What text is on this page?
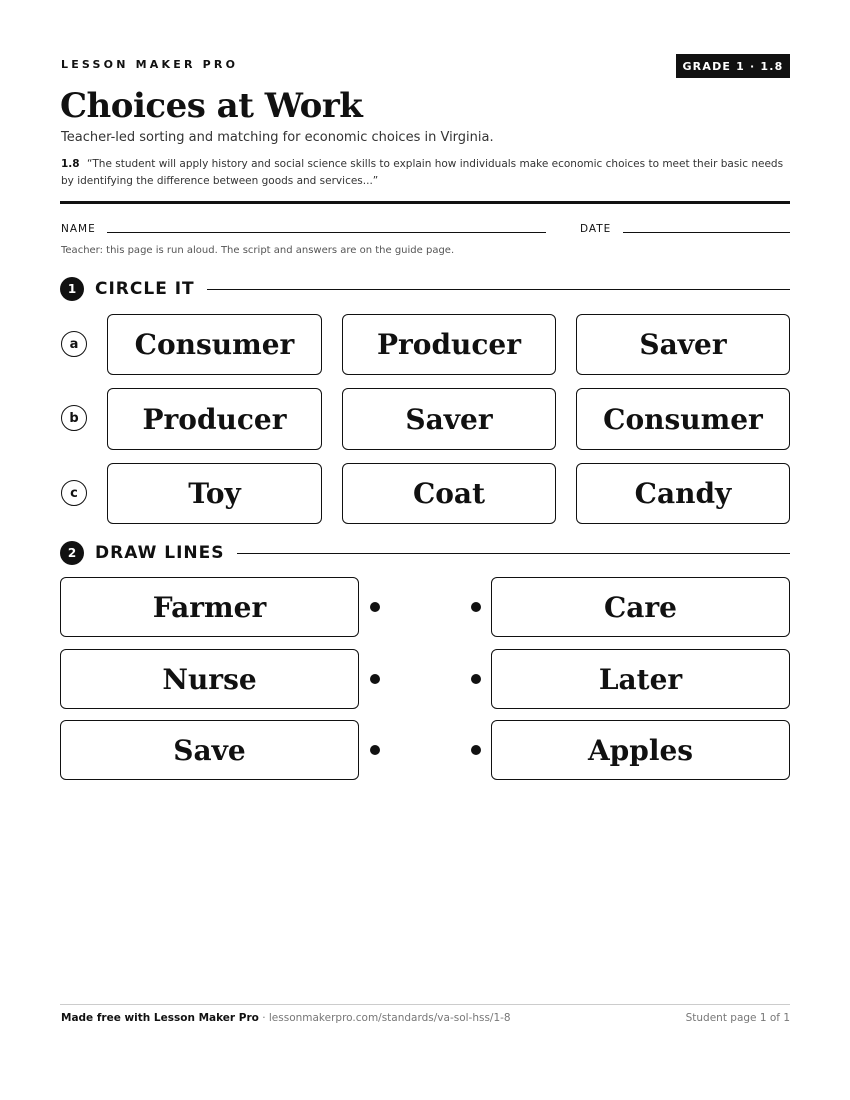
LESSON MAKER PRO	GRADE 1 · 1.8
Choices at Work
Teacher-led sorting and matching for economic choices in Virginia.
1.8 “The student will apply history and social science skills to explain how individuals make economic choices to meet their basic needs by identifying the difference between goods and services...”
NAME	DATE
Teacher: this page is run aloud. The script and answers are on the guide page.
1	CIRCLE IT
a	Consumer	Producer	Saver
b	Producer	Saver	Consumer
c	Toy	Coat	Candy
2	DRAW LINES
Farmer	Care
Nurse	Later
Save	Apples
Made free with Lesson Maker Pro · lessonmakerpro.com/standards/va-sol-hss/1-8	Student page 1 of 1
